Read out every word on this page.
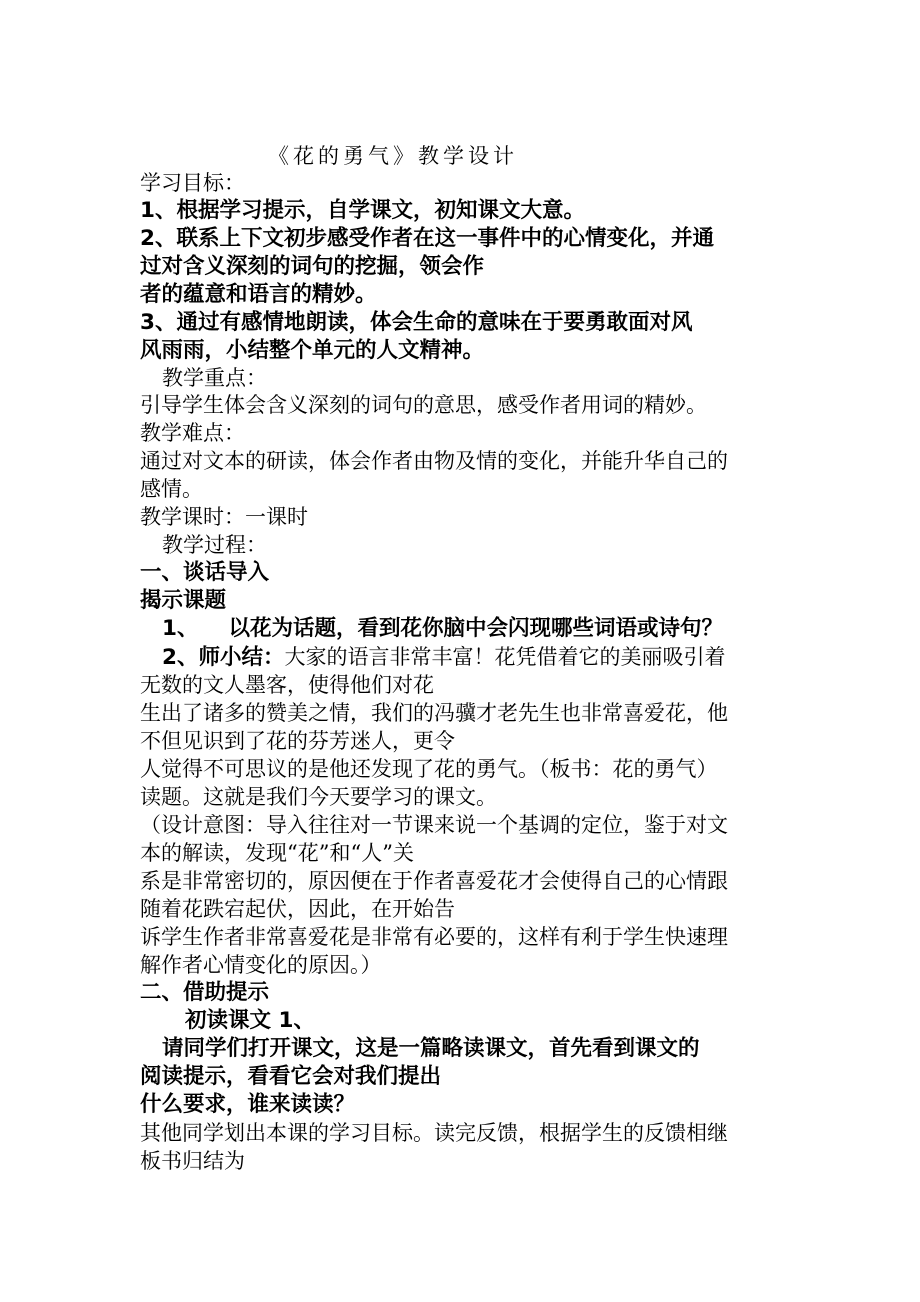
《花的勇气》教学设计
学习目标：
1、根据学习提示，自学课文，初知课文大意。
2、联系上下文初步感受作者在这一事件中的心情变化，并通
过对含义深刻的词句的挖掘，领会作
者的蕴意和语言的精妙。
3、通过有感情地朗读，体会生命的意味在于要勇敢面对风
风雨雨，小结整个单元的人文精神。
教学重点：
引导学生体会含义深刻的词句的意思，感受作者用词的精妙。
教学难点：
通过对文本的研读，体会作者由物及情的变化，并能升华自己的
感情。
教学课时：一课时
教学过程：
一、谈话导入
揭示课题
1、 以花为话题，看到花你脑中会闪现哪些词语或诗句？
2、师小结：大家的语言非常丰富！花凭借着它的美丽吸引着
无数的文人墨客，使得他们对花
生出了诸多的赞美之情，我们的冯骥才老先生也非常喜爱花，他
不但见识到了花的芬芳迷人，更令
人觉得不可思议的是他还发现了花的勇气。（板书：花的勇气）
读题。这就是我们今天要学习的课文。
（设计意图：导入往往对一节课来说一个基调的定位，鉴于对文
本的解读，发现“花”和“人”关
系是非常密切的，原因便在于作者喜爱花才会使得自己的心情跟
随着花跌宕起伏，因此，在开始告
诉学生作者非常喜爱花是非常有必要的，这样有利于学生快速理
解作者心情变化的原因。）
二、借助提示
初读课文 1、
请同学们打开课文，这是一篇略读课文，首先看到课文的
阅读提示，看看它会对我们提出
什么要求，谁来读读？
其他同学划出本课的学习目标。读完反馈，根据学生的反馈相继
板书归结为
